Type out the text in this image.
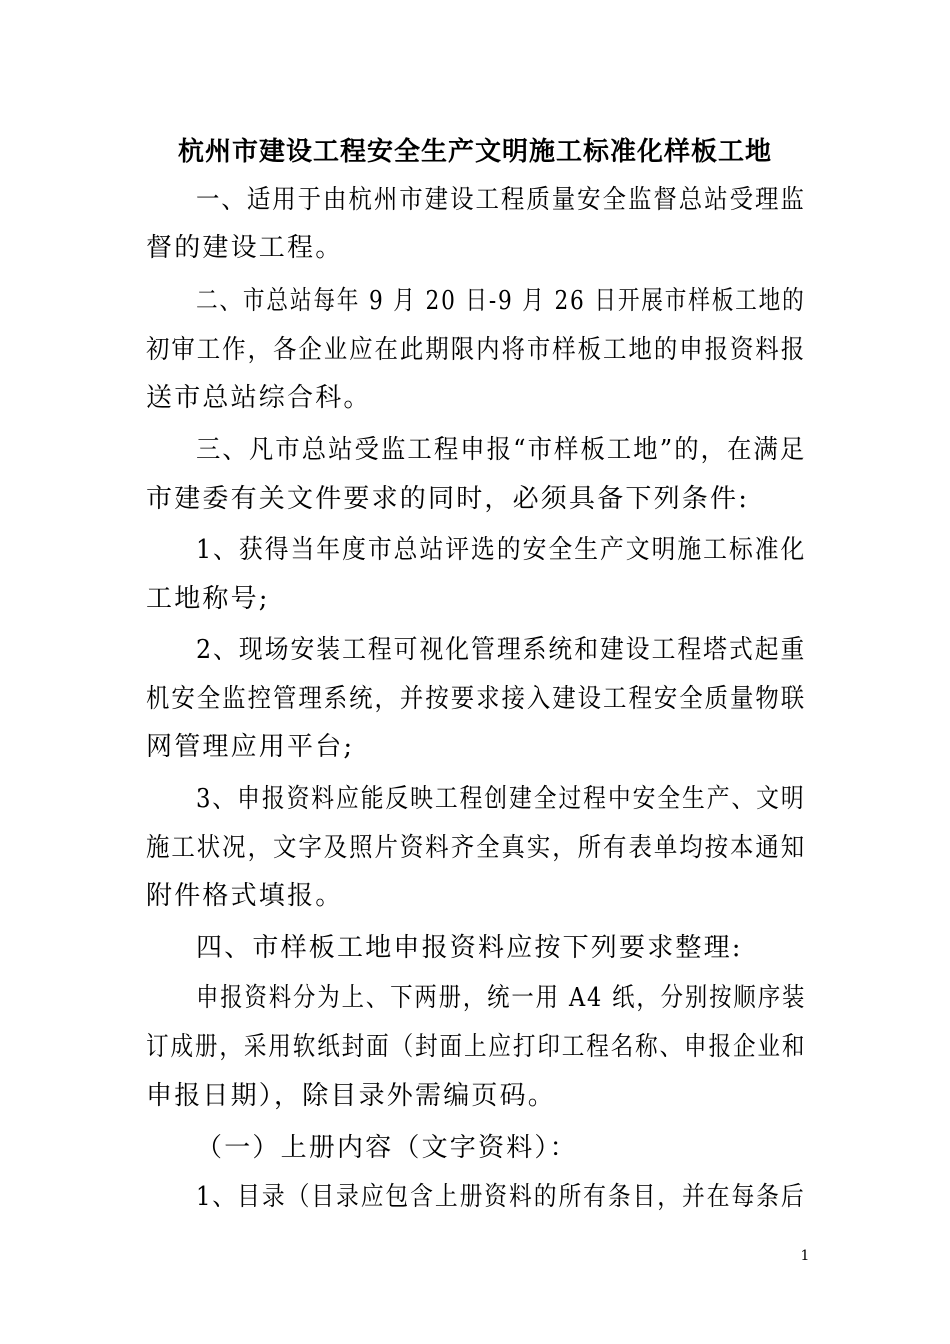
杭州市建设工程安全生产文明施工标准化样板工地
一、适用于由杭州市建设工程质量安全监督总站受理监
督的建设工程。
二、市总站每年 9 月 20 日-9 月 26 日开展市样板工地的
初审工作，各企业应在此期限内将市样板工地的申报资料报
送市总站综合科。
三、凡市总站受监工程申报“市样板工地”的，在满足
市建委有关文件要求的同时，必须具备下列条件:
1、获得当年度市总站评选的安全生产文明施工标准化
工地称号;
2、现场安装工程可视化管理系统和建设工程塔式起重
机安全监控管理系统，并按要求接入建设工程安全质量物联
网管理应用平台;
3、申报资料应能反映工程创建全过程中安全生产、文明
施工状况，文字及照片资料齐全真实，所有表单均按本通知
附件格式填报。
四、市样板工地申报资料应按下列要求整理:
申报资料分为上、下两册，统一用 A4 纸，分别按顺序装
订成册，采用软纸封面（封面上应打印工程名称、申报企业和
申报日期），除目录外需编页码。
（一）上册内容（文字资料）：
1、目录（目录应包含上册资料的所有条目，并在每条后
1
